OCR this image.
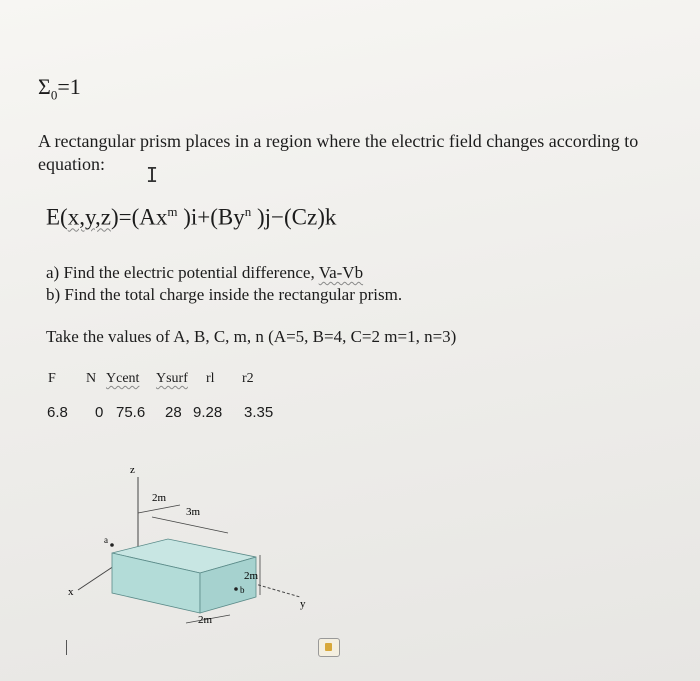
$\Sigma_0=1$
A rectangular prism places in a region where the electric field changes according to
equation: I
$E(x,y,z)=(Ax^m$ )$i+(By^n$ )j−(Cz)k
a) Find the electric potential difference, Va-Vb
b) Find the total charge inside the rectangular prism.
Take the values of A, B, C, m, n (A=5, B=4, C=2 m=1, n=3)
F N Ycent Ysurf rl r2
6.8 0 75.6 28 9.28 3.35
z
x
y
2m
3m
2m
2m
a
b
